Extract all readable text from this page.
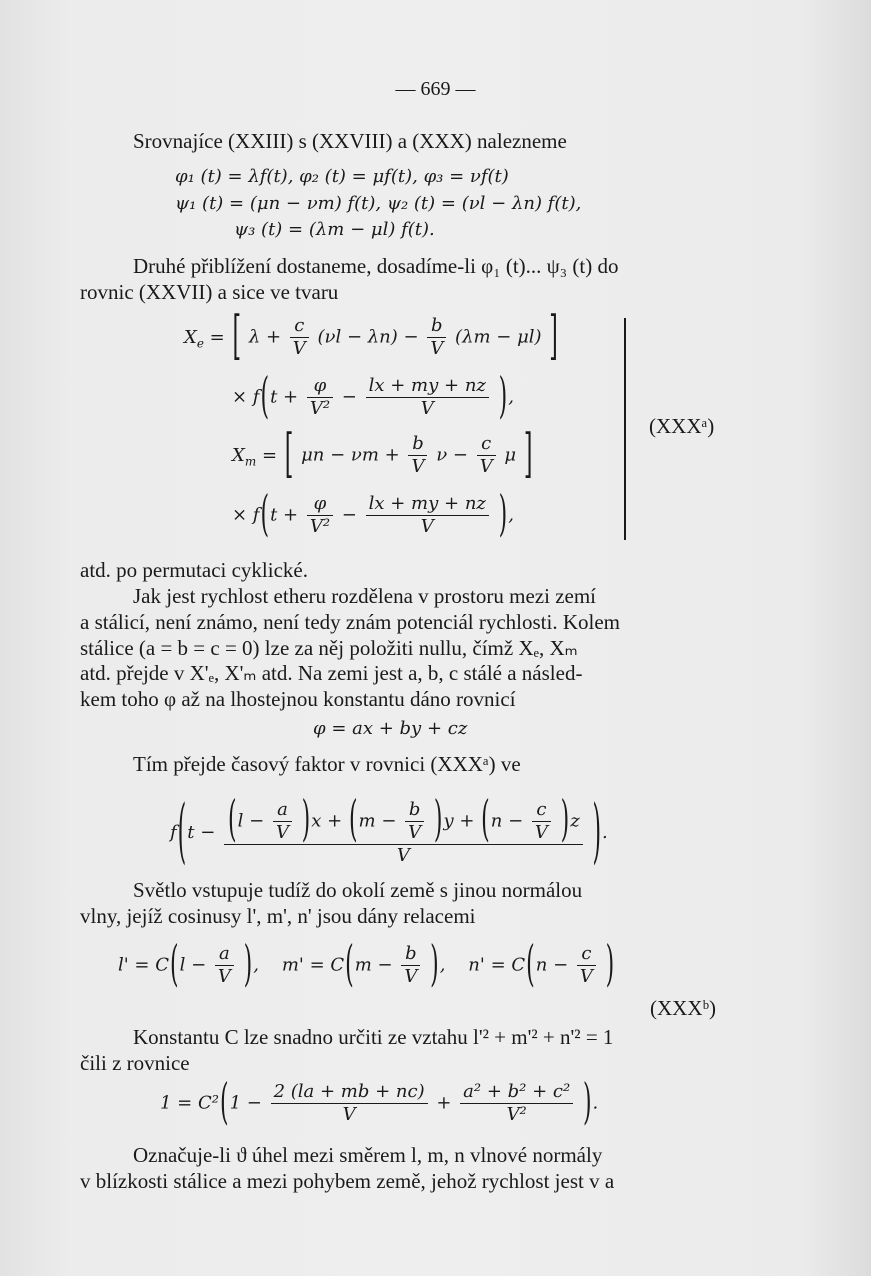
— 669 —
Srovnajíce (XXIII) s (XXVIII) a (XXX) nalezneme
φ₁ (t) = λf(t), φ₂ (t) = μf(t), φ₃ = νf(t)
ψ₁ (t) = (μn − νm) f(t), ψ₂ (t) = (νl − λn) f(t),
ψ₃ (t) = (λm − μl) f(t).
Druhé přiblížení dostaneme, dosadíme-li φ₁ (t)... ψ₃ (t) do
rovnic (XXVII) a sice ve tvaru
$X_e$ = [ $\lambda + \frac{c}{V} (\nu l - \lambda n) - \frac{b}{V} (\lambda m - \mu l)$ ]
× $f(t + \frac{\varphi}{\text{V²}} - \frac{lx + my + nz}{V}$ ),
$X_m$ = [ $\mu n - \nu m + \frac{b}{V}$ $\nu - \frac{c}{V}$ μ ]
× $f(t + \frac{\varphi}{\text{V²}} - \frac{lx + my + nz}{V}$ ),
(XXXᵃ)
atd. po permutaci cyklické.
Jak jest rychlost etheru rozdělena v prostoru mezi zemí
a stálicí, není známo, není tedy znám potenciál rychlosti. Kolem
stálice (a = b = c = 0) lze za něj položiti nullu, čímž Xₑ, Xₘ
atd. přejde v X'ₑ, X'ₘ atd. Na zemi jest a, b, c stálé a násled-
kem toho φ až na lhostejnou konstantu dáno rovnicí
φ = ax + by + cz
Tím přejde časový faktor v rovnici (XXXᵃ) ve
$f(t - (l - \frac{a}{V} )x + (m - \frac{b}{V} )y + (n - \frac{c}{V} )z$
V	).
Světlo vstupuje tudíž do okolí země s jinou normálou
vlny, jejíž cosinusy l', m', n' jsou dány relacemi
$l' = C(l - \frac{a}{V}$ ),    $m' = C(m - \frac{b}{V}$ ),    $n' = C(n - \frac{c}{V}$ )
(XXXᵇ)
Konstantu C lze snadno určiti ze vztahu l'² + m'² + n'² = 1
čili z rovnice
$1 = C^2(1 - \frac{2 (la + mb + nc)}{V} + \frac{\text{a² + b² + c²}}{\text{V²}}$ ).
Označuje-li ϑ úhel mezi směrem l, m, n vlnové normály
v blízkosti stálice a mezi pohybem země, jehož rychlost jest v a
